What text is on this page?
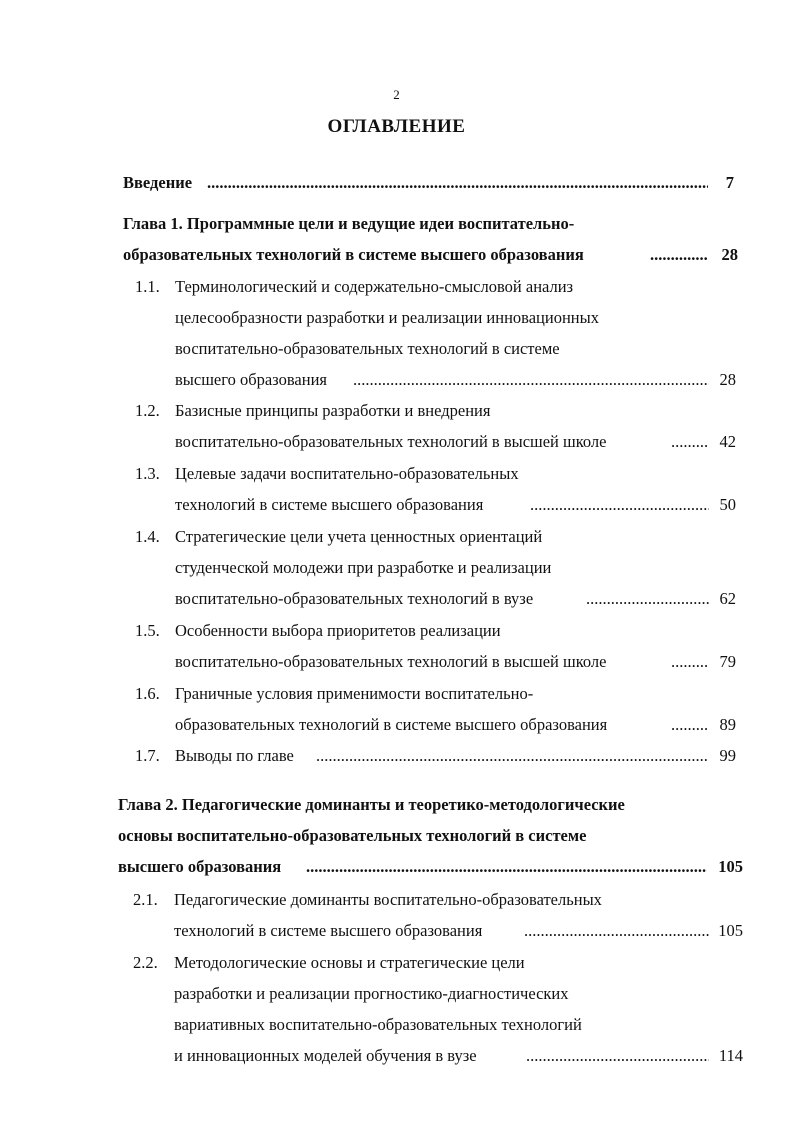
2
ОГЛАВЛЕНИЕ
Введение .....	7
Глава 1. Программные цели и ведущие идеи воспитательно-
образовательных технологий в системе высшего образования .....	28
1.1. Терминологический и содержательно-смысловой анализ
целесообразности разработки и реализации инновационных
воспитательно-образовательных технологий в системе
высшего образования .....	28
1.2. Базисные принципы разработки и внедрения
воспитательно-образовательных технологий в высшей школе .....	42
1.3. Целевые задачи воспитательно-образовательных
технологий в системе высшего образования .....	50
1.4. Стратегические цели учета ценностных ориентаций
студенческой молодежи при разработке и реализации
воспитательно-образовательных технологий в вузе .....	62
1.5. Особенности выбора приоритетов реализации
воспитательно-образовательных технологий в высшей школе .....	79
1.6. Граничные условия применимости воспитательно-
образовательных технологий в системе высшего образования .....	89
1.7. Выводы по главе .....	99
Глава 2. Педагогические доминанты и теоретико-методологические
основы воспитательно-образовательных технологий в системе
высшего образования .....	105
2.1. Педагогические доминанты воспитательно-образовательных
технологий в системе высшего образования .....	105
2.2. Методологические основы и стратегические цели
разработки и реализации прогностико-диагностических
вариативных воспитательно-образовательных технологий
и инновационных моделей обучения в вузе .....	114
